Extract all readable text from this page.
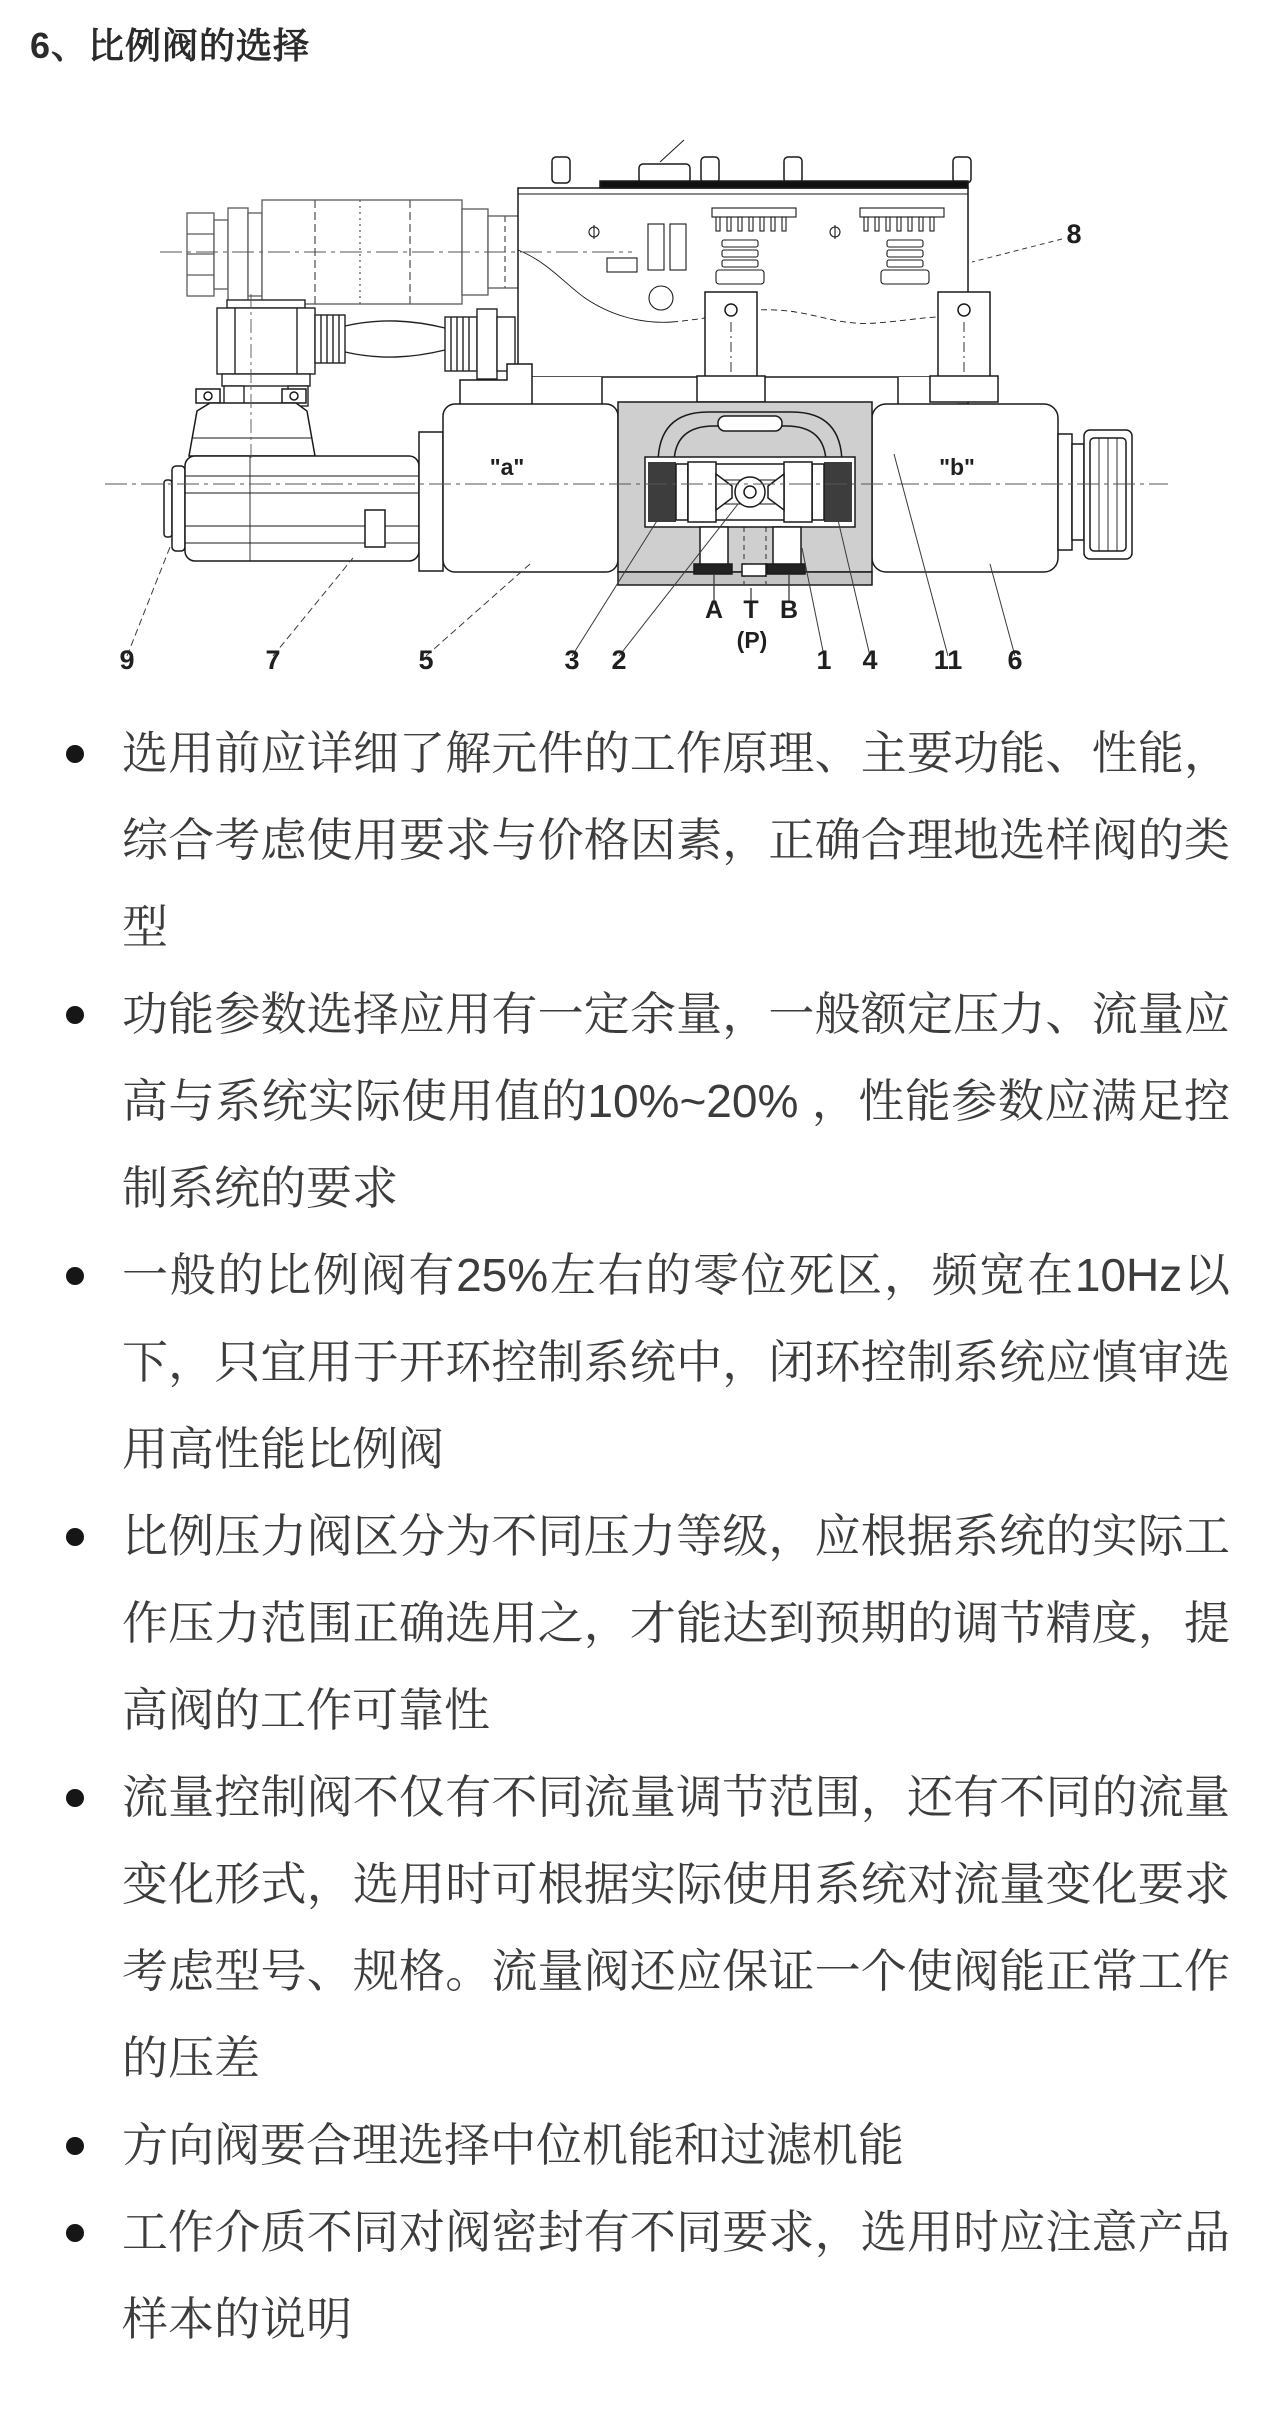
6、比例阀的选择
9	7	5	3 2	1 4 11 6
8
A T B
(P)
"a"	"b"
选用前应详细了解元件的工作原理、主要功能、性能，综合考虑使用要求与价格因素，正确合理地选样阀的类型
功能参数选择应用有一定余量，一般额定压力、流量应高与系统实际使用值的10%~20% ，性能参数应满足控制系统的要求
一般的比例阀有25%左右的零位死区，频宽在10Hz以下，只宜用于开环控制系统中，闭环控制系统应慎审选用高性能比例阀
比例压力阀区分为不同压力等级，应根据系统的实际工作压力范围正确选用之，才能达到预期的调节精度，提高阀的工作可靠性
流量控制阀不仅有不同流量调节范围，还有不同的流量变化形式，选用时可根据实际使用系统对流量变化要求考虑型号、规格。流量阀还应保证一个使阀能正常工作的压差
方向阀要合理选择中位机能和过滤机能
工作介质不同对阀密封有不同要求，选用时应注意产品样本的说明
